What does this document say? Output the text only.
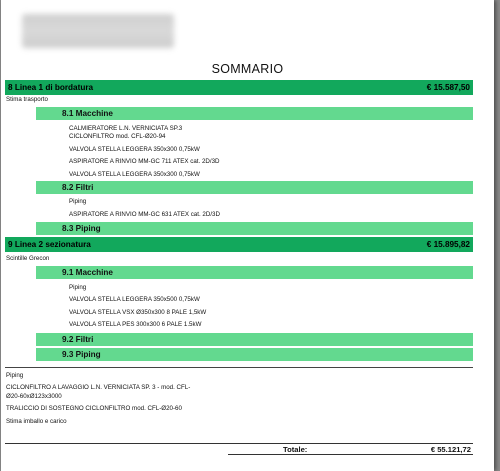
SOMMARIO
8 Linea 1 di bordatura	€ 15.587,50
Stima trasporto
8.1 Macchine
CALMIERATORE L.N. VERNICIATA SP.3
CICLONFILTRO mod. CFL-Ø20-94
VALVOLA STELLA LEGGERA 350x300 0,75kW
ASPIRATORE A RINVIO MM-GC 711 ATEX cat. 2D/3D
VALVOLA STELLA LEGGERA 350x300 0,75kW
8.2 Filtri
Piping
ASPIRATORE A RINVIO MM-GC 631 ATEX cat. 2D/3D
8.3 Piping
9 Linea 2 sezionatura	€ 15.895,82
Scintille Grecon
9.1 Macchine
Piping
VALVOLA STELLA LEGGERA 350x500 0,75kW
VALVOLA STELLA VSX Ø350x300 8 PALE 1,5kW
VALVOLA STELLA PES 300x300 6 PALE 1.5kW
9.2 Filtri
9.3 Piping
Piping
CICLONFILTRO A LAVAGGIO L.N. VERNICIATA SP. 3 - mod. CFL-
Ø20-60xØ123x3000
TRALICCIO DI SOSTEGNO CICLONFILTRO mod. CFL-Ø20-60
Stima imballo e carico
Totale:	€ 55.121,72
